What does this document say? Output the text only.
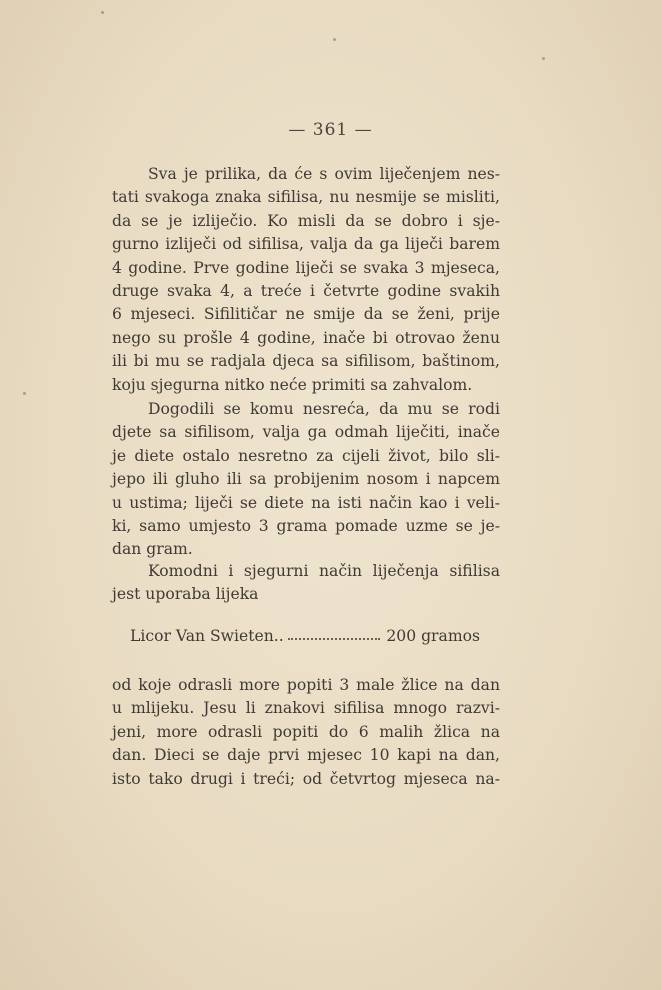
— 361 —
Sva je prilika, da će s ovim liječenjem nes-
tati svakoga znaka sifilisa, nu nesmije se misliti,
da se je izliječio. Ko misli da se dobro i sje-
gurno izliječi od sifilisa, valja da ga liječi barem
4 godine. Prve godine liječi se svaka 3 mjeseca,
druge svaka 4, a treće i četvrte godine svakih
6 mjeseci. Sifilitičar ne smije da se ženi, prije
nego su prošle 4 godine, inače bi otrovao ženu
ili bi mu se radjala djeca sa sifilisom, baštinom,
koju sjegurna nitko neće primiti sa zahvalom.
Dogodili se komu nesreća, da mu se rodi
djete sa sifilisom, valja ga odmah liječiti, inače
je diete ostalo nesretno za cijeli život, bilo sli-
jepo ili gluho ili sa probijenim nosom i napcem
u ustima; liječi se diete na isti način kao i veli-
ki, samo umjesto 3 grama pomade uzme se je-
dan gram.
Komodni i sjegurni način liječenja sifilisa
jest uporaba lijeka
Licor Van Swieten..	200 gramos
od koje odrasli more popiti 3 male žlice na dan
u mlijeku. Jesu li znakovi sifilisa mnogo razvi-
jeni, more odrasli popiti do 6 malih žlica na
dan. Dieci se daje prvi mjesec 10 kapi na dan,
isto tako drugi i treći; od četvrtog mjeseca na-
